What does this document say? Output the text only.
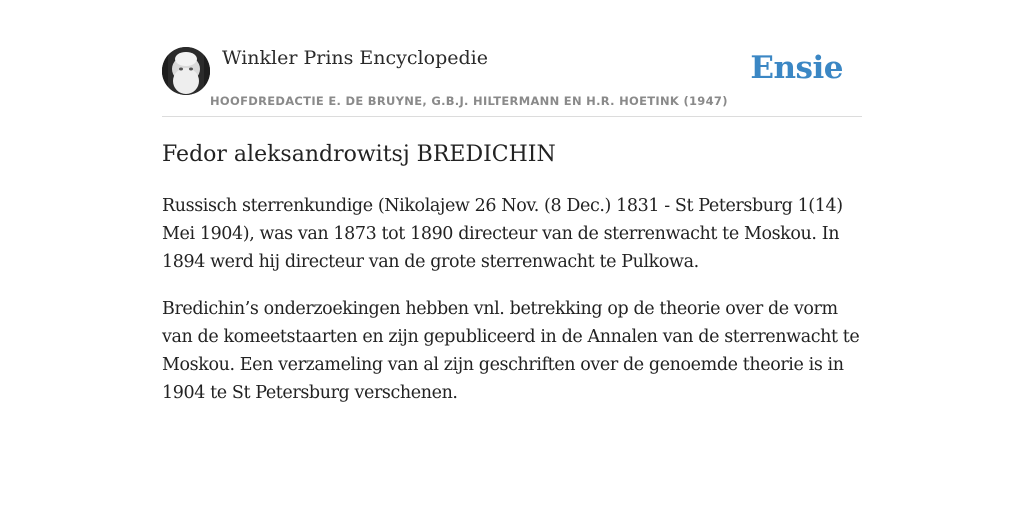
Winkler Prins Encyclopedie
HOOFDREDACTIE E. DE BRUYNE, G.B.J. HILTERMANN EN H.R. HOETINK (1947)
Ensie
Fedor aleksandrowitsj BREDICHIN

Russisch sterrenkundige (Nikolajew 26 Nov. (8 Dec.) 1831 - St Petersburg 1(14) Mei 1904), was van 1873 tot 1890 directeur van de sterrenwacht te Moskou. In 1894 werd hij directeur van de grote sterrenwacht te Pulkowa.

Bredichin’s onderzoekingen hebben vnl. betrekking op de theorie over de vorm van de komeetstaarten en zijn gepubliceerd in de Annalen van de sterrenwacht te Moskou. Een verzameling van al zijn geschriften over de genoemde theorie is in 1904 te St Petersburg verschenen.
